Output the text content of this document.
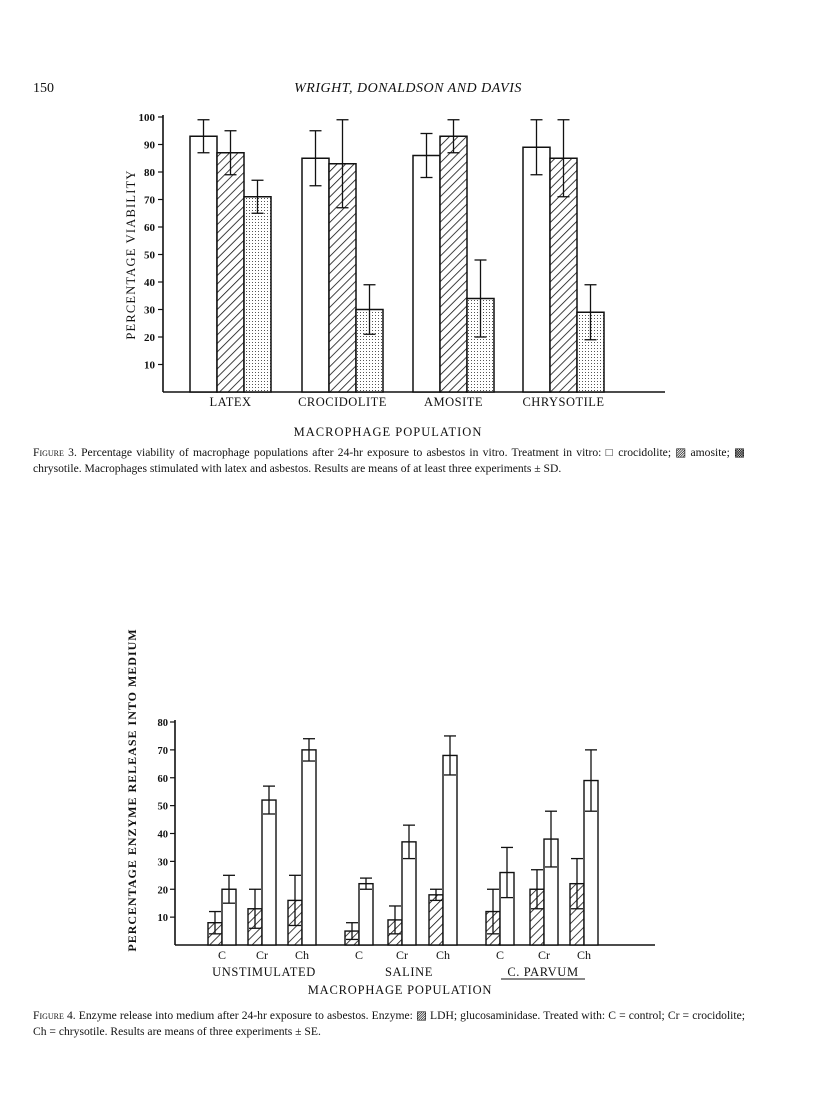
150	WRIGHT, DONALDSON AND DAVIS
10
20
30
40
50
60
70
80
90
100
PERCENTAGE VIABILITY
MACROPHAGE POPULATION
LATEX	CROCIDOLITE	AMOSITE	CHRYSOTILE
10
20
30
40
50
60
70
80
PERCENTAGE ENZYME RELEASE INTO MEDIUM
C Cr Ch	C	Cr Ch	C	Cr Ch
UNSTIMULATED	SALINE	C. PARVUM
MACROPHAGE POPULATION
Figure 3. Percentage viability of macrophage populations after 24-hr exposure to asbestos in vitro. Treatment in vitro: □ crocidolite; ▨ amosite; ▩ chrysotile. Macrophages stimulated with latex and asbestos. Results are means of at least three experiments ± SD.
Figure 4. Enzyme release into medium after 24-hr exposure to asbestos. Enzyme: ▨ LDH; glucosaminidase. Treated with: C = control; Cr = crocidolite; Ch = chrysotile. Results are means of three experiments ± SE.
